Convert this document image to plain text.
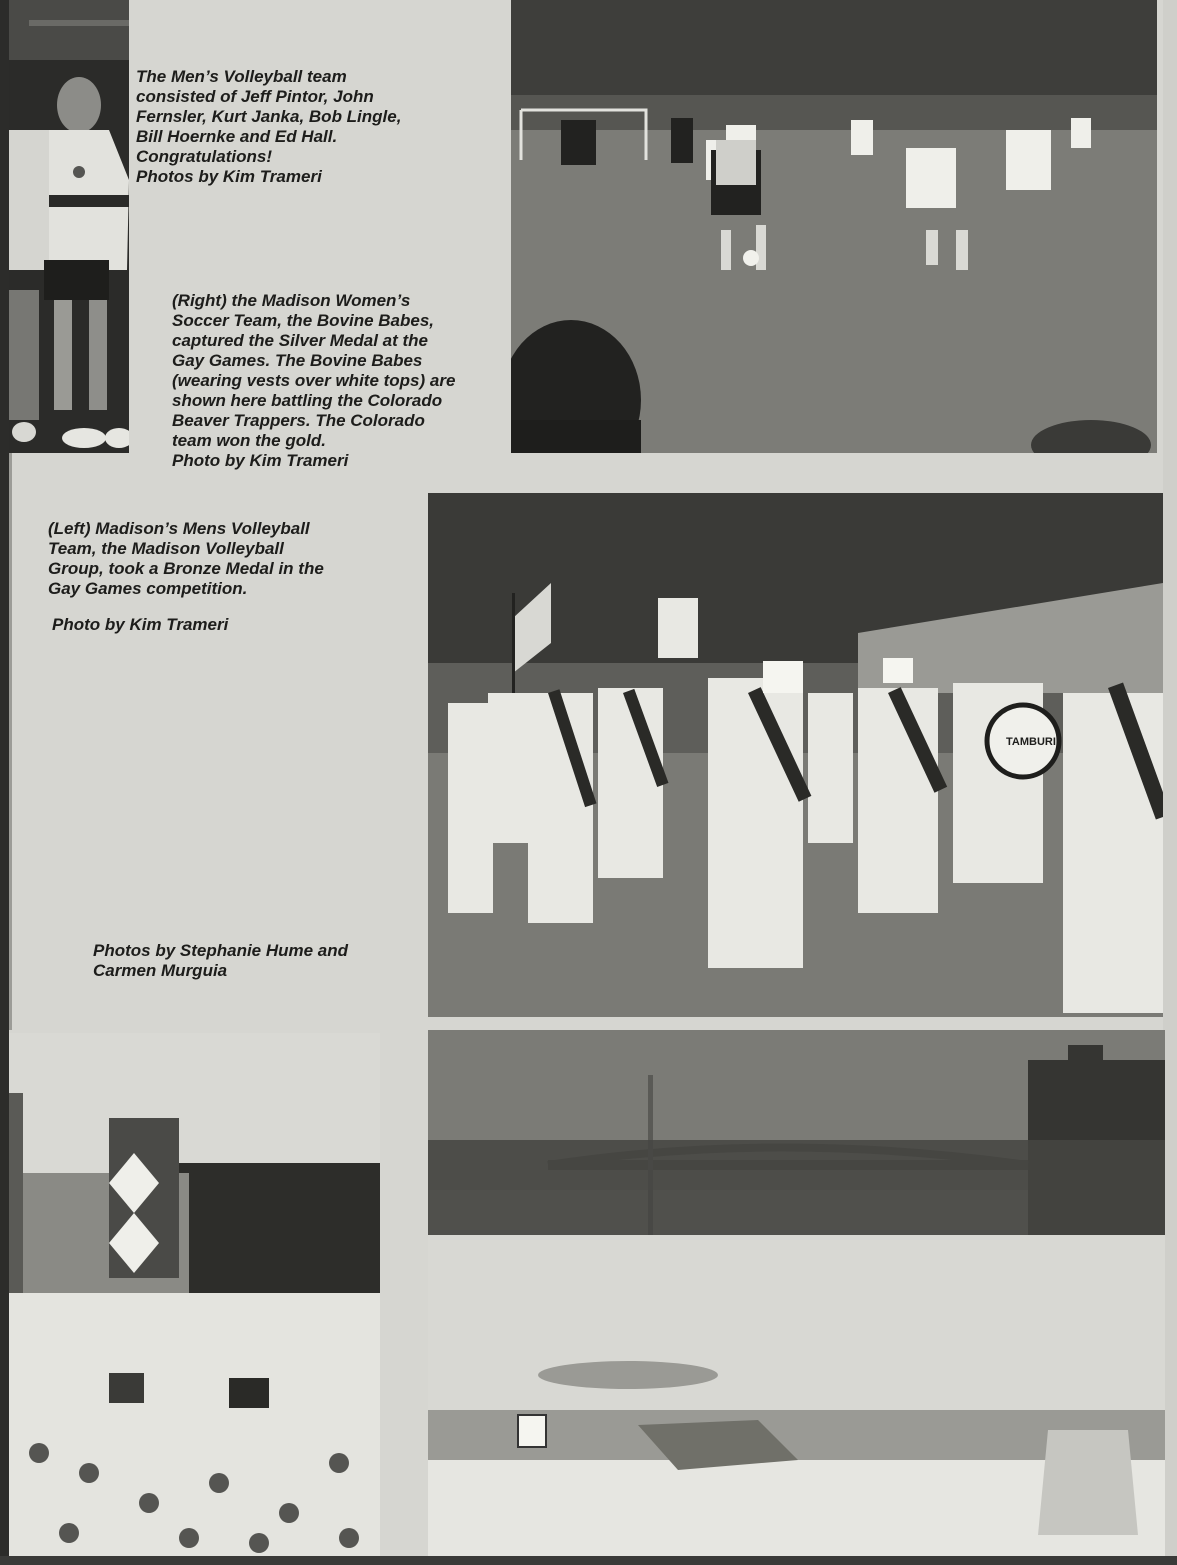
The Men’s Volleyball team
consisted of Jeff Pintor, John
Fernsler, Kurt Janka, Bob Lingle,
Bill Hoernke and Ed Hall.
Congratulations!
Photos by Kim Trameri

(Right) the Madison Women’s
Soccer Team, the Bovine Babes,
captured the Silver Medal at the
Gay Games. The Bovine Babes
(wearing vests over white tops) are
shown here battling the Colorado
Beaver Trappers. The Colorado
team won the gold.
Photo by Kim Trameri

(Left) Madison’s Mens Volleyball
Team, the Madison Volleyball
Group, took a Bronze Medal in the
Gay Games competition.

Photo by Kim Trameri

TAMBURI

Photos by Stephanie Hume and
Carmen Murguia
